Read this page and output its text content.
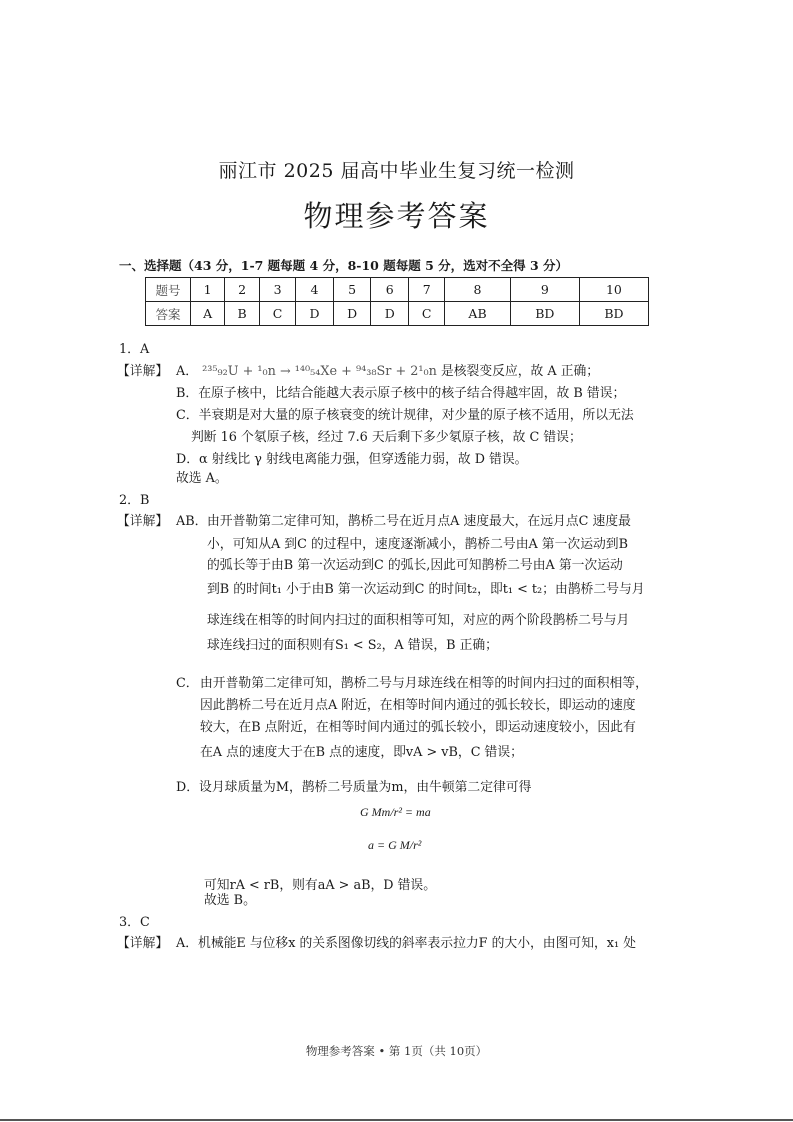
丽江市 2025 届高中毕业生复习统一检测
物理参考答案
一、选择题（43 分，1-7 题每题 4 分，8-10 题每题 5 分，选对不全得 3 分）
题号	1	2	3	4	5	6	7	8	9	10
答案	A	B	C	D	D	D	C	AB	BD	BD
1．A
【详解】 A． ²³⁵₉₂U + ¹₀n → ¹⁴⁰₅₄Xe + ⁹⁴₃₈Sr + 2¹₀n 是核裂变反应，故 A 正确；
B．在原子核中，比结合能越大表示原子核中的核子结合得越牢固，故 B 错误；
C．半衰期是对大量的原子核衰变的统计规律，对少量的原子核不适用，所以无法
判断 16 个氡原子核，经过 7.6 天后剩下多少氡原子核，故 C 错误；
D．α 射线比 γ 射线电离能力强，但穿透能力弱，故 D 错误。
故选 A。
2．B
【详解】 AB． 由开普勒第二定律可知，鹊桥二号在近月点A 速度最大，在远月点C 速度最
小，可知从A 到C 的过程中，速度逐渐减小，鹊桥二号由A 第一次运动到B
的弧长等于由B 第一次运动到C 的弧长,因此可知鹊桥二号由A 第一次运动
到B 的时间t₁ 小于由B 第一次运动到C 的时间t₂，即t₁ < t₂；由鹊桥二号与月
球连线在相等的时间内扫过的面积相等可知，对应的两个阶段鹊桥二号与月
球连线扫过的面积则有S₁ < S₂，A 错误，B 正确；
C． 由开普勒第二定律可知，鹊桥二号与月球连线在相等的时间内扫过的面积相等，
因此鹊桥二号在近月点A 附近，在相等时间内通过的弧长较长，即运动的速度
较大，在B 点附近，在相等时间内通过的弧长较小，即运动速度较小，因此有
在A 点的速度大于在B 点的速度，即vA > vB，C 错误；
D．设月球质量为M，鹊桥二号质量为m，由牛顿第二定律可得
G Mm/r² = ma
a = G M/r²
可知rA < rB，则有aA > aB，D 错误。
故选 B。
3．C
【详解】 A．机械能E 与位移x 的关系图像切线的斜率表示拉力F 的大小，由图可知，x₁ 处
物理参考答案 • 第 1页（共 10页）
